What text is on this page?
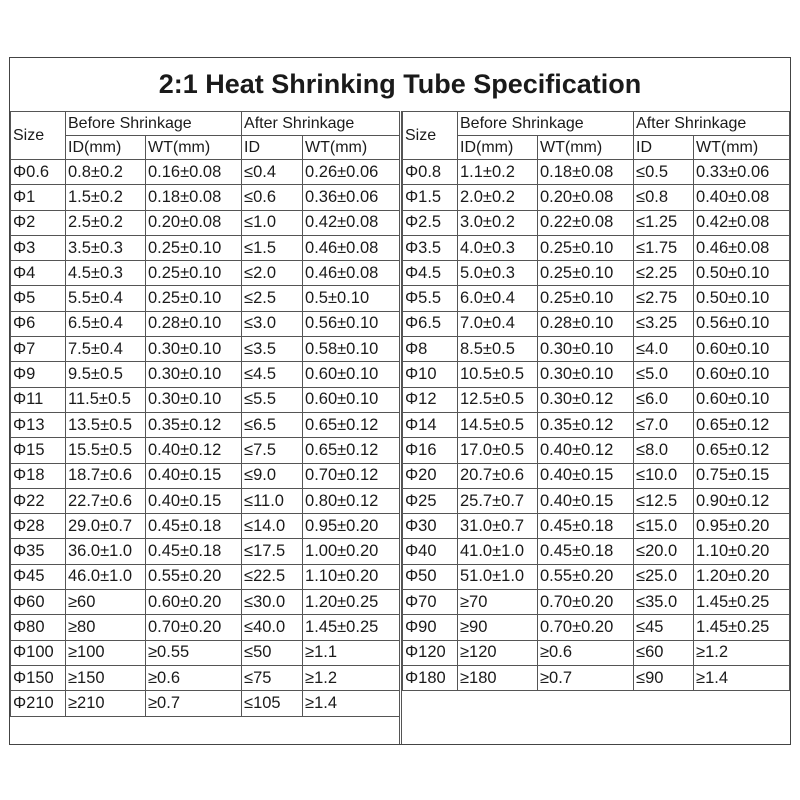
2:1 Heat Shrinking Tube Specification
Size	Before Shrinkage		After Shrinkage	
	ID(mm)	WT(mm)	ID	WT(mm)
Φ0.6	0.8±0.2	0.16±0.08	≤0.4	0.26±0.06
Φ1	1.5±0.2	0.18±0.08	≤0.6	0.36±0.06
Φ2	2.5±0.2	0.20±0.08	≤1.0	0.42±0.08
Φ3	3.5±0.3	0.25±0.10	≤1.5	0.46±0.08
Φ4	4.5±0.3	0.25±0.10	≤2.0	0.46±0.08
Φ5	5.5±0.4	0.25±0.10	≤2.5	0.5±0.10
Φ6	6.5±0.4	0.28±0.10	≤3.0	0.56±0.10
Φ7	7.5±0.4	0.30±0.10	≤3.5	0.58±0.10
Φ9	9.5±0.5	0.30±0.10	≤4.5	0.60±0.10
Φ11	11.5±0.5	0.30±0.10	≤5.5	0.60±0.10
Φ13	13.5±0.5	0.35±0.12	≤6.5	0.65±0.12
Φ15	15.5±0.5	0.40±0.12	≤7.5	0.65±0.12
Φ18	18.7±0.6	0.40±0.15	≤9.0	0.70±0.12
Φ22	22.7±0.6	0.40±0.15	≤11.0	0.80±0.12
Φ28	29.0±0.7	0.45±0.18	≤14.0	0.95±0.20
Φ35	36.0±1.0	0.45±0.18	≤17.5	1.00±0.20
Φ45	46.0±1.0	0.55±0.20	≤22.5	1.10±0.20
Φ60	≥60	0.60±0.20	≤30.0	1.20±0.25
Φ80	≥80	0.70±0.20	≤40.0	1.45±0.25
Φ100	≥100	≥0.55	≤50	≥1.1
Φ150	≥150	≥0.6	≤75	≥1.2
Φ210	≥210	≥0.7	≤105	≥1.4
Size	Before Shrinkage		After Shrinkage	
	ID(mm)	WT(mm)	ID	WT(mm)
Φ0.8	1.1±0.2	0.18±0.08	≤0.5	0.33±0.06
Φ1.5	2.0±0.2	0.20±0.08	≤0.8	0.40±0.08
Φ2.5	3.0±0.2	0.22±0.08	≤1.25	0.42±0.08
Φ3.5	4.0±0.3	0.25±0.10	≤1.75	0.46±0.08
Φ4.5	5.0±0.3	0.25±0.10	≤2.25	0.50±0.10
Φ5.5	6.0±0.4	0.25±0.10	≤2.75	0.50±0.10
Φ6.5	7.0±0.4	0.28±0.10	≤3.25	0.56±0.10
Φ8	8.5±0.5	0.30±0.10	≤4.0	0.60±0.10
Φ10	10.5±0.5	0.30±0.10	≤5.0	0.60±0.10
Φ12	12.5±0.5	0.30±0.12	≤6.0	0.60±0.10
Φ14	14.5±0.5	0.35±0.12	≤7.0	0.65±0.12
Φ16	17.0±0.5	0.40±0.12	≤8.0	0.65±0.12
Φ20	20.7±0.6	0.40±0.15	≤10.0	0.75±0.15
Φ25	25.7±0.7	0.40±0.15	≤12.5	0.90±0.12
Φ30	31.0±0.7	0.45±0.18	≤15.0	0.95±0.20
Φ40	41.0±1.0	0.45±0.18	≤20.0	1.10±0.20
Φ50	51.0±1.0	0.55±0.20	≤25.0	1.20±0.20
Φ70	≥70	0.70±0.20	≤35.0	1.45±0.25
Φ90	≥90	0.70±0.20	≤45	1.45±0.25
Φ120	≥120	≥0.6	≤60	≥1.2
Φ180	≥180	≥0.7	≤90	≥1.4
